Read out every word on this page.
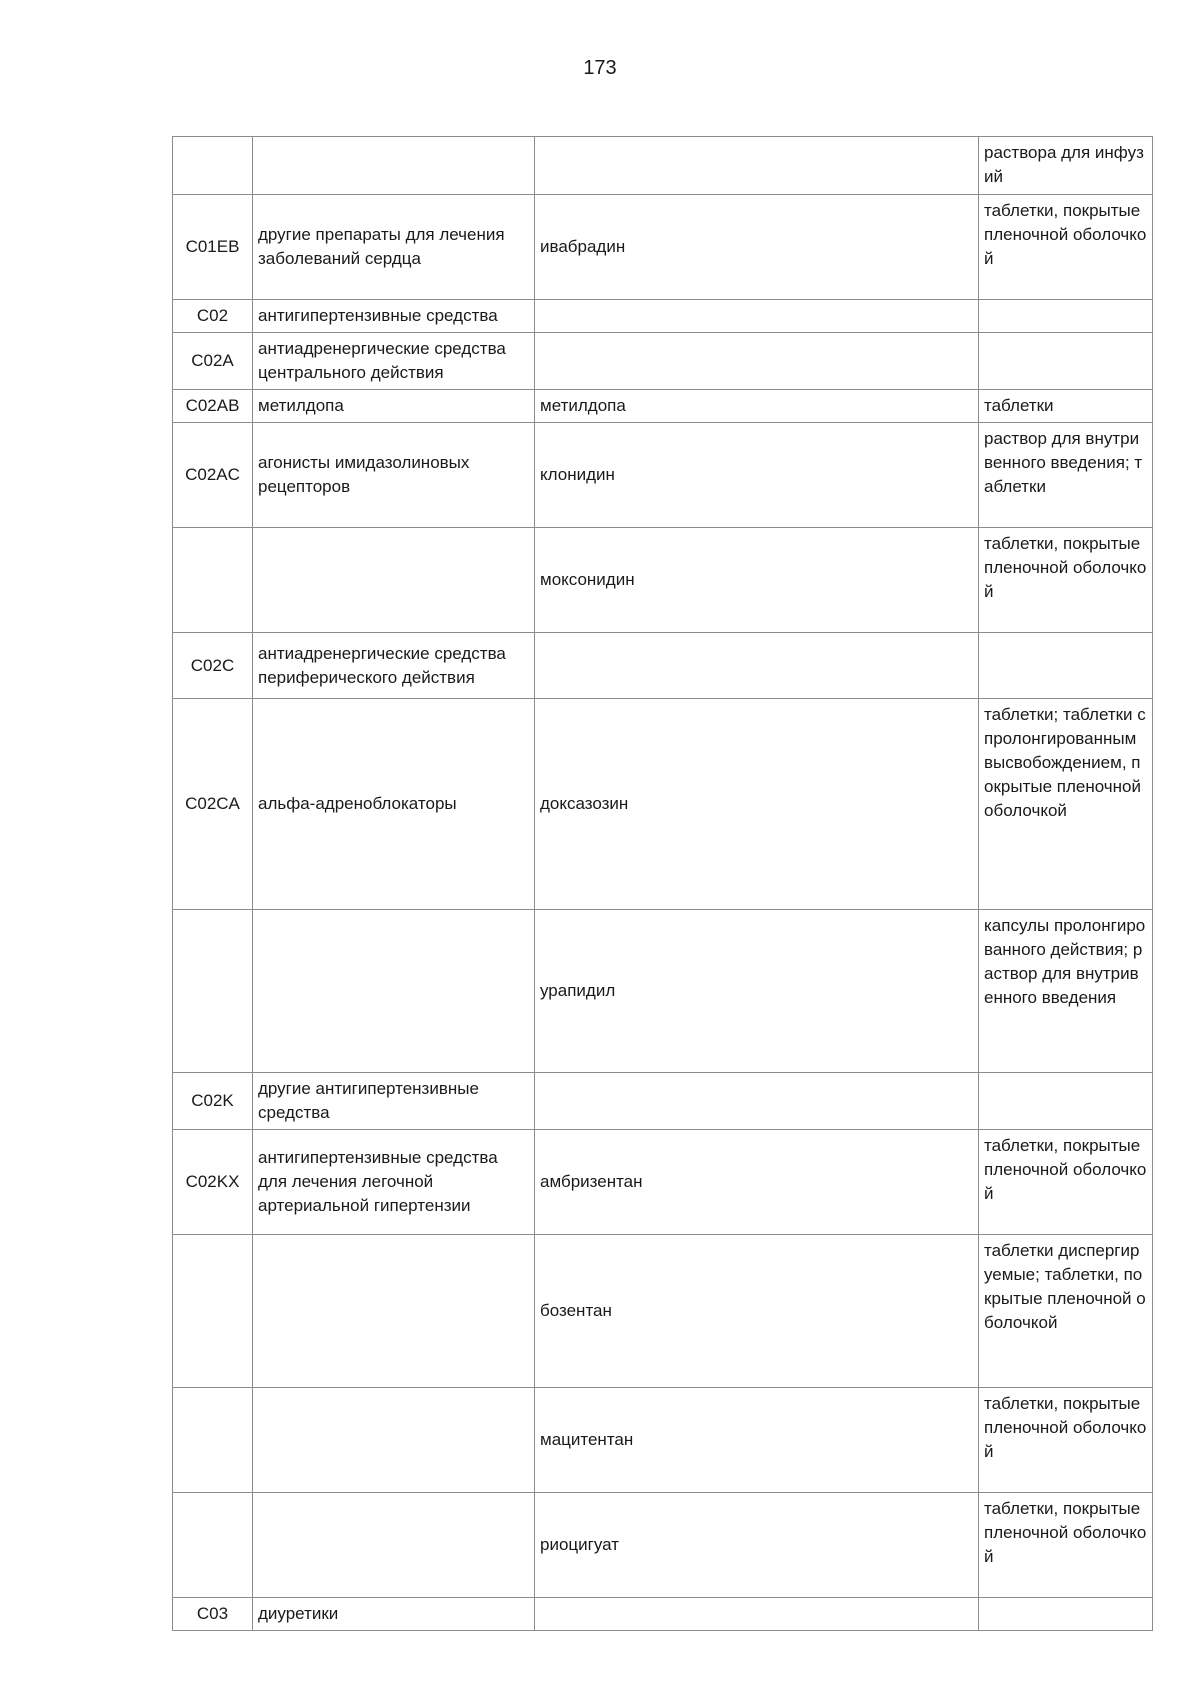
173
			раствора для инфузий
C01EB	другие препараты для лечения заболеваний сердца	ивабрадин	таблетки, покрытые пленочной оболочкой
C02	антигипертензивные средства		
C02A	антиадренергические средства центрального действия		
C02AB	метилдопа	метилдопа	таблетки
C02AC	агонисты имидазолиновых рецепторов	клонидин	раствор для внутривенного введения; таблетки
		моксонидин	таблетки, покрытые пленочной оболочкой
C02C	антиадренергические средства периферического действия		
C02CA	альфа-адреноблокаторы	доксазозин	таблетки; таблетки с пролонгированным высвобождением, покрытые пленочной оболочкой
		урапидил	капсулы пролонгированного действия; раствор для внутривенного введения
C02K	другие антигипертензивные средства		
C02KX	антигипертензивные средства для лечения легочной артериальной гипертензии	амбризентан	таблетки, покрытые пленочной оболочкой
		бозентан	таблетки диспергируемые; таблетки, покрытые пленочной оболочкой
		мацитентан	таблетки, покрытые пленочной оболочкой
		риоцигуат	таблетки, покрытые пленочной оболочкой
C03	диуретики		
